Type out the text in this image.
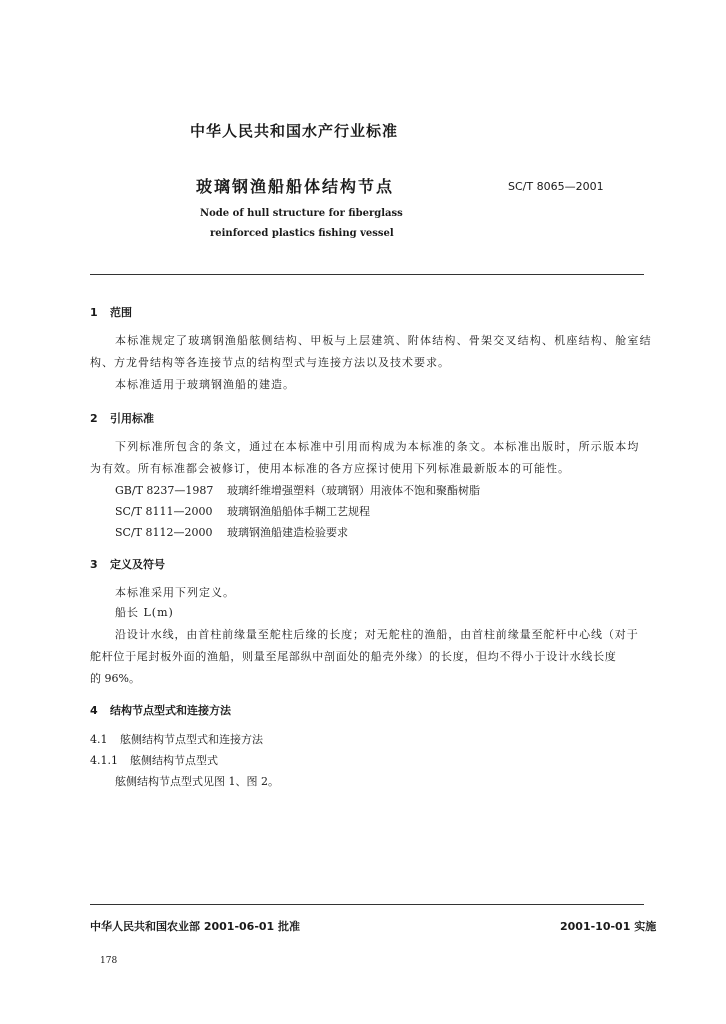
中华人民共和国水产行业标准
玻璃钢渔船船体结构节点	SC/T 8065—2001
Node of hull structure for fiberglass
reinforced plastics fishing vessel
1 范围
本标准规定了玻璃钢渔船舷侧结构、甲板与上层建筑、附体结构、骨架交叉结构、机座结构、舱室结
构、方龙骨结构等各连接节点的结构型式与连接方法以及技术要求。
本标准适用于玻璃钢渔船的建造。
2 引用标准
下列标准所包含的条文，通过在本标准中引用而构成为本标准的条文。本标准出版时，所示版本均
为有效。所有标准都会被修订，使用本标准的各方应探讨使用下列标准最新版本的可能性。
GB/T 8237—1987 玻璃纤维增强塑料（玻璃钢）用液体不饱和聚酯树脂
SC/T 8111—2000 玻璃钢渔船船体手糊工艺规程
SC/T 8112—2000 玻璃钢渔船建造检验要求
3 定义及符号
本标准采用下列定义。
船长 L(m)
沿设计水线，由首柱前缘量至舵柱后缘的长度；对无舵柱的渔船，由首柱前缘量至舵杆中心线（对于
舵杆位于尾封板外面的渔船，则量至尾部纵中剖面处的船壳外缘）的长度，但均不得小于设计水线长度
的 96%。
4 结构节点型式和连接方法
4.1 舷侧结构节点型式和连接方法
4.1.1 舷侧结构节点型式
舷侧结构节点型式见图 1、图 2。
中华人民共和国农业部 2001-06-01 批准	2001-10-01 实施
178
